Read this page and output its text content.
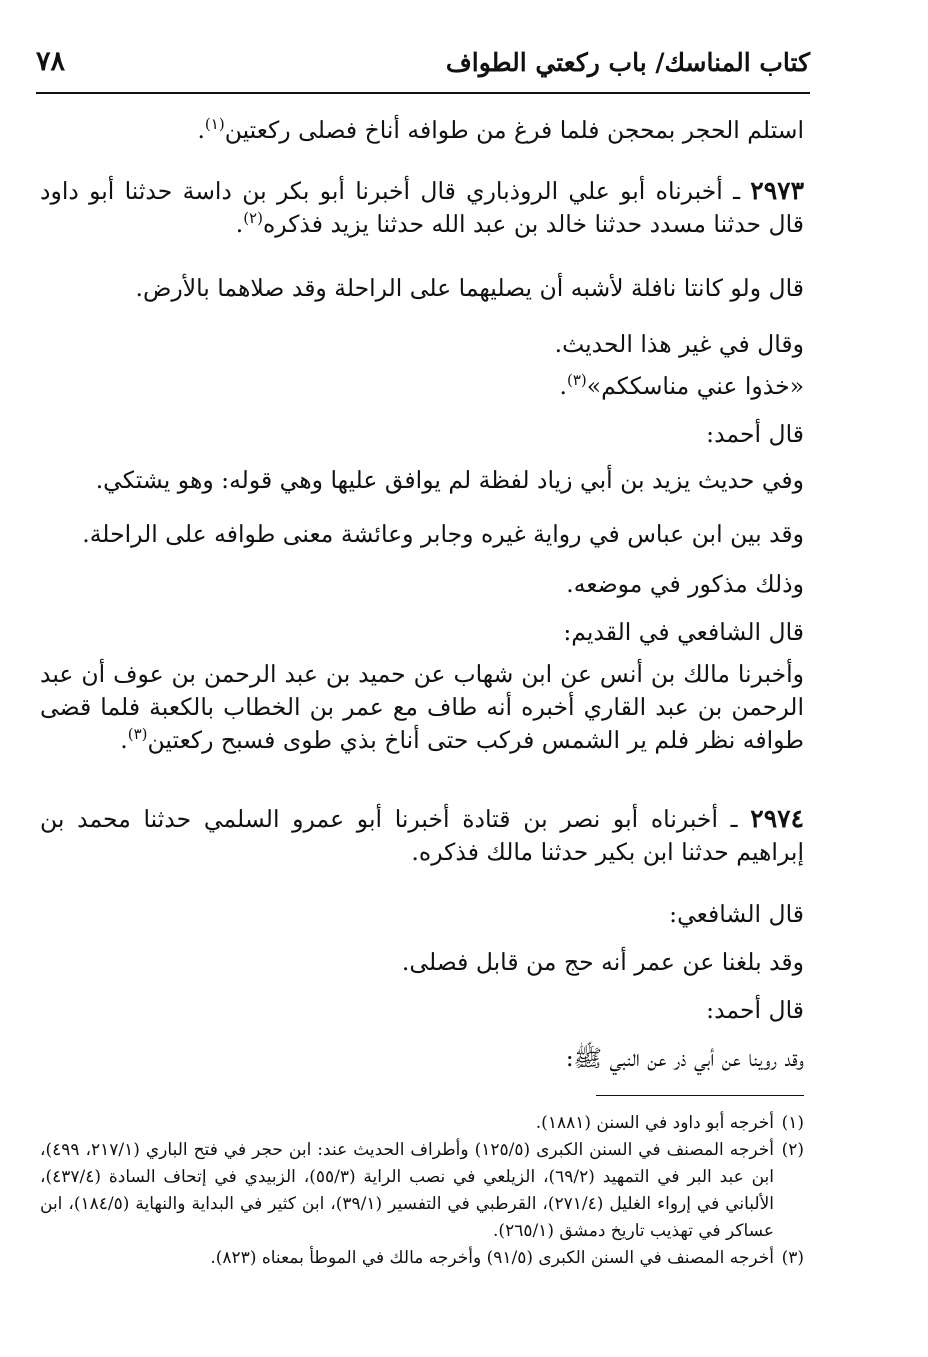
كتاب المناسك/ باب ركعتي الطواف
٧٨

استلم الحجر بمحجن فلما فرغ من طوافه أناخ فصلى ركعتين$^{(١)}$.

٢٩٧٣ ـ أخبرناه أبو علي الروذباري قال أخبرنا أبو بكر بن داسة حدثنا أبو داود قال حدثنا مسدد حدثنا خالد بن عبد الله حدثنا يزيد فذكره$^{(٢)}$.

قال ولو كانتا نافلة لأشبه أن يصليهما على الراحلة وقد صلاهما بالأرض.

وقال في غير هذا الحديث.

«خذوا عني مناسككم»$^{(٣)}$.

قال أحمد:

وفي حديث يزيد بن أبي زياد لفظة لم يوافق عليها وهي قوله: وهو يشتكي.

وقد بين ابن عباس في رواية غيره وجابر وعائشة معنى طوافه على الراحلة.

وذلك مذكور في موضعه.

قال الشافعي في القديم:

وأخبرنا مالك بن أنس عن ابن شهاب عن حميد بن عبد الرحمن بن عوف أن عبد الرحمن بن عبد القاري أخبره أنه طاف مع عمر بن الخطاب بالكعبة فلما قضى طوافه نظر فلم ير الشمس فركب حتى أناخ بذي طوى فسبح ركعتين$^{(٣)}$.

٢٩٧٤ ـ أخبرناه أبو نصر بن قتادة أخبرنا أبو عمرو السلمي حدثنا محمد بن إبراهيم حدثنا ابن بكير حدثنا مالك فذكره.

قال الشافعي:

وقد بلغنا عن عمر أنه حج من قابل فصلى.

قال أحمد:

وقد روينا عن أبي ذر عن النبي ﷺ:

(١)
أخرجه أبو داود في السنن (١٨٨١).

(٢)
أخرجه المصنف في السنن الكبرى (١٢٥/٥) وأطراف الحديث عند: ابن حجر في فتح الباري (٢١٧/١، ٤٩٩)، ابن عبد البر في التمهيد (٦٩/٢)، الزيلعي في نصب الراية (٥٥/٣)، الزبيدي في إتحاف السادة (٤٣٧/٤)، الألباني في إرواء الغليل (٢٧١/٤)، القرطبي في التفسير (٣٩/١)، ابن كثير في البداية والنهاية (١٨٤/٥)، ابن عساكر في تهذيب تاريخ دمشق (٢٦٥/١).

(٣)
أخرجه المصنف في السنن الكبرى (٩١/٥) وأخرجه مالك في الموطأ بمعناه (٨٢٣).
